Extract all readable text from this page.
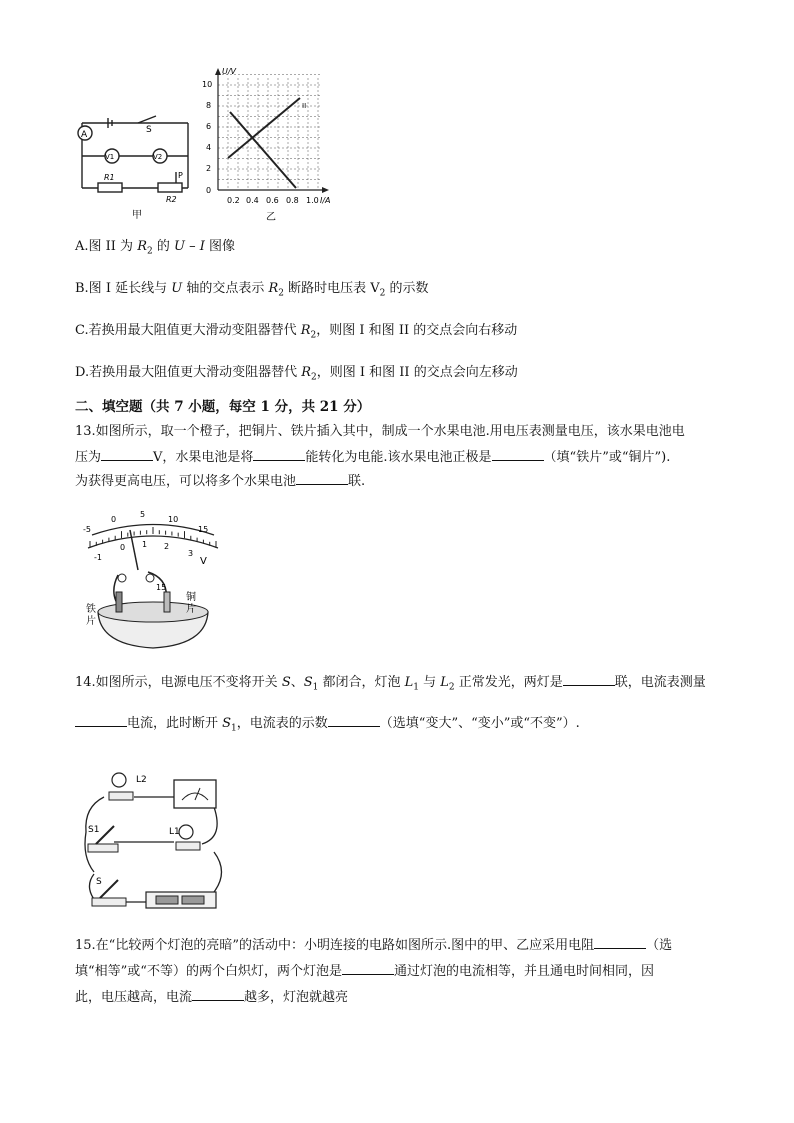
A	S
V1	V2
R1
R2
P
甲
U/V
I/A
0
2
4
6
8
10
0.2 0.4 0.6 0.8 1.0
II
乙
A.图 II 为 $R_2$ 的 U – I 图像
B.图 I 延长线与 U 轴的交点表示 $R_2$ 断路时电压表 $V_2$ 的示数
C.若换用最大阻值更大滑动变阻器替代 $R_2$，则图 I 和图 II 的交点会向右移动
D.若换用最大阻值更大滑动变阻器替代 $R_2$，则图 I 和图 II 的交点会向左移动
二、填空题（共 7 小题，每空 1 分，共 21 分）
13.如图所示，取一个橙子，把铜片、铁片插入其中，制成一个水果电池.用电压表测量电压，该水果电池电
压为	V，水果电池是将	能转化为电能.该水果电池正极是	（填“铁片”或“铜片”).
为获得更高电压，可以将多个水果电池	联.
-5
0
5
10
15
-1
0 1 2
3
V
15
铁
片
铜
片
14.如图所示，电源电压不变将开关 S、$S_1$ 都闭合，灯泡 $L_1$ 与 $L_2$ 正常发光，两灯是	联，电流表测量
电流，此时断开 $S_1$，电流表的示数	（选填“变大”、“变小”或“不变”）.
L2
L1
S1
S
15.在“比较两个灯泡的亮暗”的活动中：小明连接的电路如图所示.图中的甲、乙应采用电阻	（选
填“相等”或“不等）的两个白炽灯，两个灯泡是	通过灯泡的电流相等，并且通电时间相同，因
此，电压越高，电流	越多，灯泡就越亮
